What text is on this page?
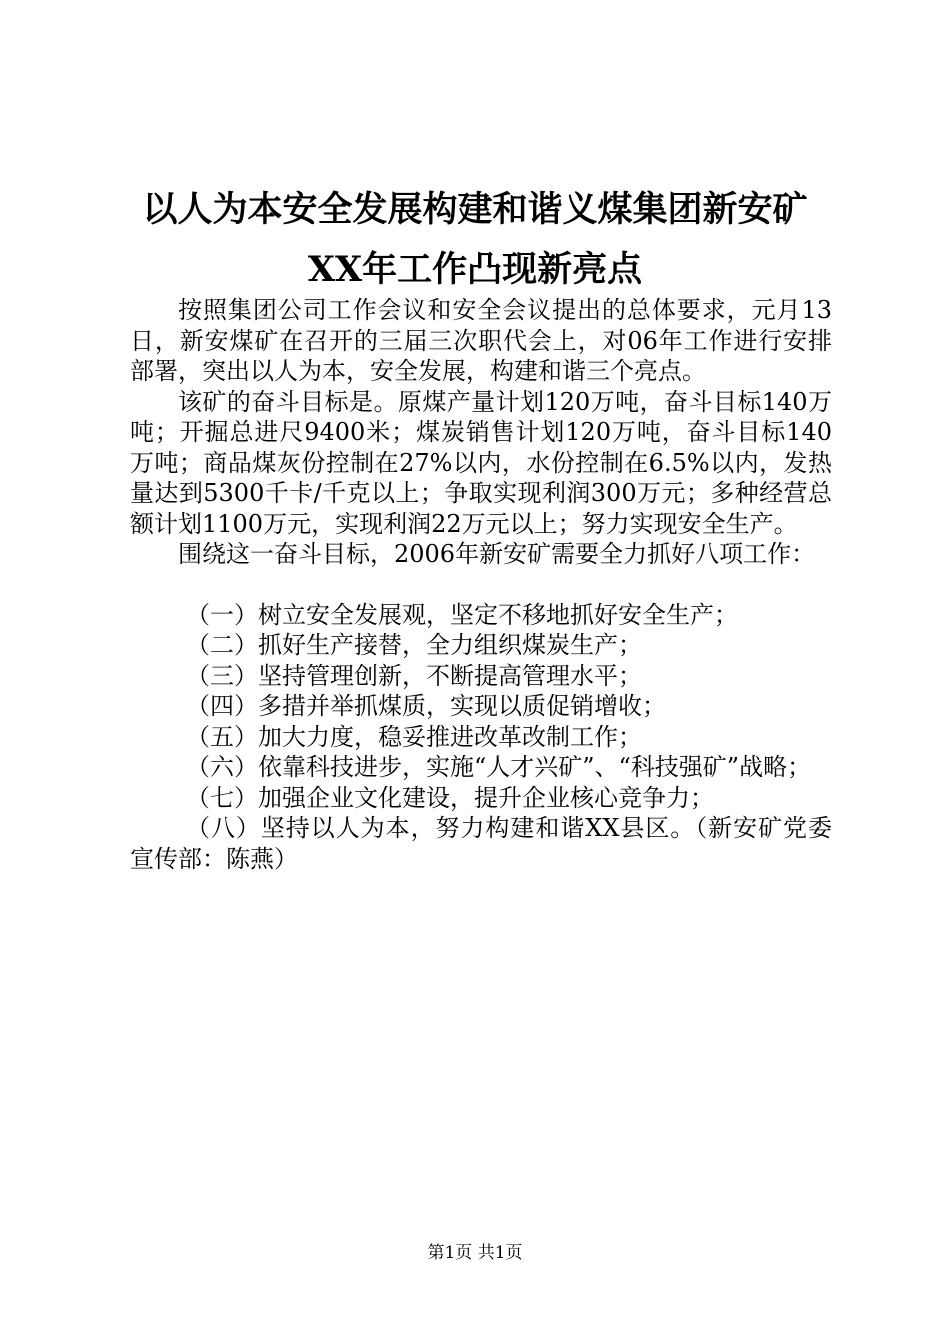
以人为本安全发展构建和谐义煤集团新安矿
XX年工作凸现新亮点

按照集团公司工作会议和安全会议提出的总体要求，元月13日，新安煤矿在召开的三届三次职代会上，对06年工作进行安排部署，突出以人为本，安全发展，构建和谐三个亮点。

该矿的奋斗目标是。原煤产量计划120万吨，奋斗目标140万吨；开掘总进尺9400米；煤炭销售计划120万吨，奋斗目标140万吨；商品煤灰份控制在27%以内，水份控制在6.5%以内，发热量达到5300千卡/千克以上；争取实现利润300万元；多种经营总额计划1100万元，实现利润22万元以上；努力实现安全生产。

围绕这一奋斗目标，2006年新安矿需要全力抓好八项工作：

（一）树立安全发展观，坚定不移地抓好安全生产；

（二）抓好生产接替，全力组织煤炭生产；

（三）坚持管理创新，不断提高管理水平；

（四）多措并举抓煤质，实现以质促销增收；

（五）加大力度，稳妥推进改革改制工作；

（六）依靠科技进步，实施“人才兴矿”、“科技强矿”战略；

（七）加强企业文化建设，提升企业核心竞争力；

（八）坚持以人为本，努力构建和谐XX县区。（新安矿党委宣传部：陈燕）

第1页 共1页
